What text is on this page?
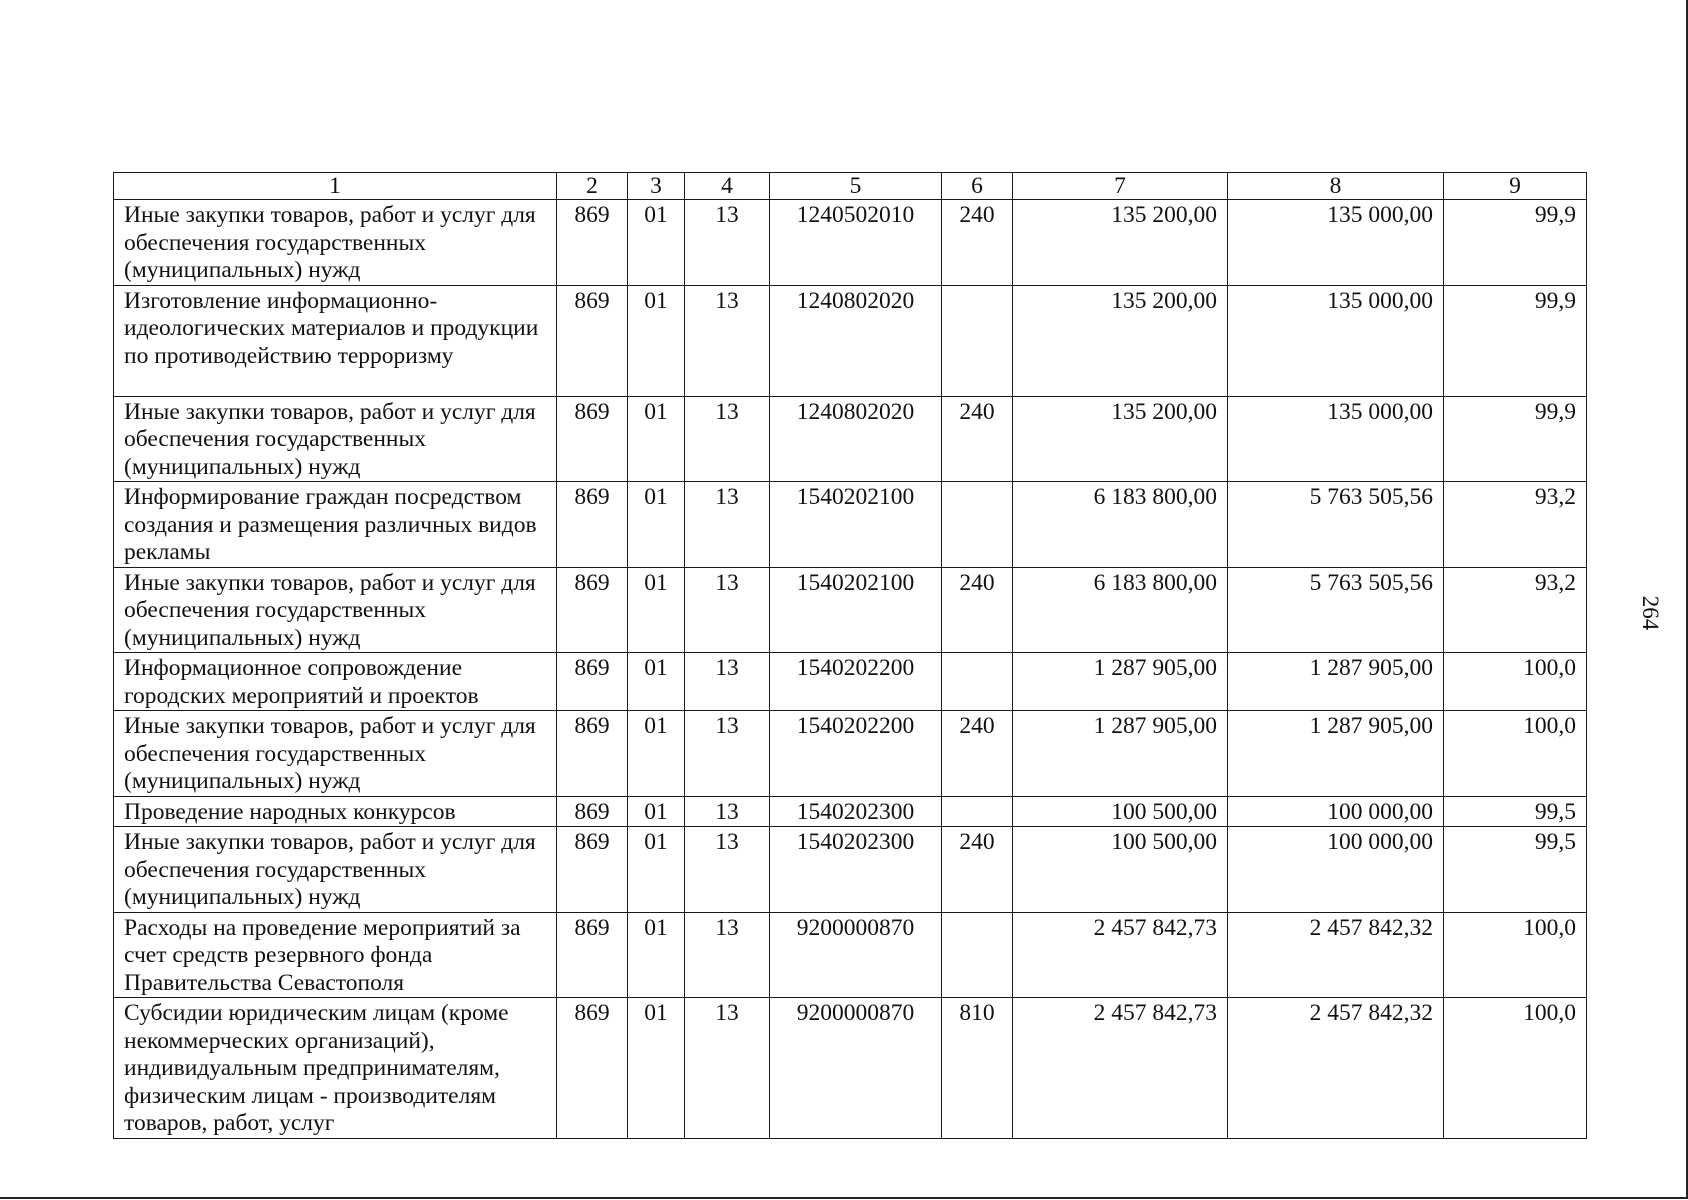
1	2	3	4	5	6	7	8	9
Иные закупки товаров, работ и услуг для обеспечения государственных (муниципальных) нужд	869	01	13	1240502010	240	135 200,00	135 000,00	99,9
Изготовление информационно-идеологических материалов и продукции по противодействию терроризму	869	01	13	1240802020		135 200,00	135 000,00	99,9
Иные закупки товаров, работ и услуг для обеспечения государственных (муниципальных) нужд	869	01	13	1240802020	240	135 200,00	135 000,00	99,9
Информирование граждан посредством создания и размещения различных видов рекламы	869	01	13	1540202100		6 183 800,00	5 763 505,56	93,2
Иные закупки товаров, работ и услуг для обеспечения государственных (муниципальных) нужд	869	01	13	1540202100	240	6 183 800,00	5 763 505,56	93,2
Информационное сопровождение городских мероприятий и проектов	869	01	13	1540202200		1 287 905,00	1 287 905,00	100,0
Иные закупки товаров, работ и услуг для обеспечения государственных (муниципальных) нужд	869	01	13	1540202200	240	1 287 905,00	1 287 905,00	100,0
Проведение народных конкурсов	869	01	13	1540202300		100 500,00	100 000,00	99,5
Иные закупки товаров, работ и услуг для обеспечения государственных (муниципальных) нужд	869	01	13	1540202300	240	100 500,00	100 000,00	99,5
Расходы на проведение мероприятий за счет средств резервного фонда Правительства Севастополя	869	01	13	9200000870		2 457 842,73	2 457 842,32	100,0
Субсидии юридическим лицам (кроме некоммерческих организаций), индивидуальным предпринимателям, физическим лицам - производителям товаров, работ, услуг	869	01	13	9200000870	810	2 457 842,73	2 457 842,32	100,0
264
